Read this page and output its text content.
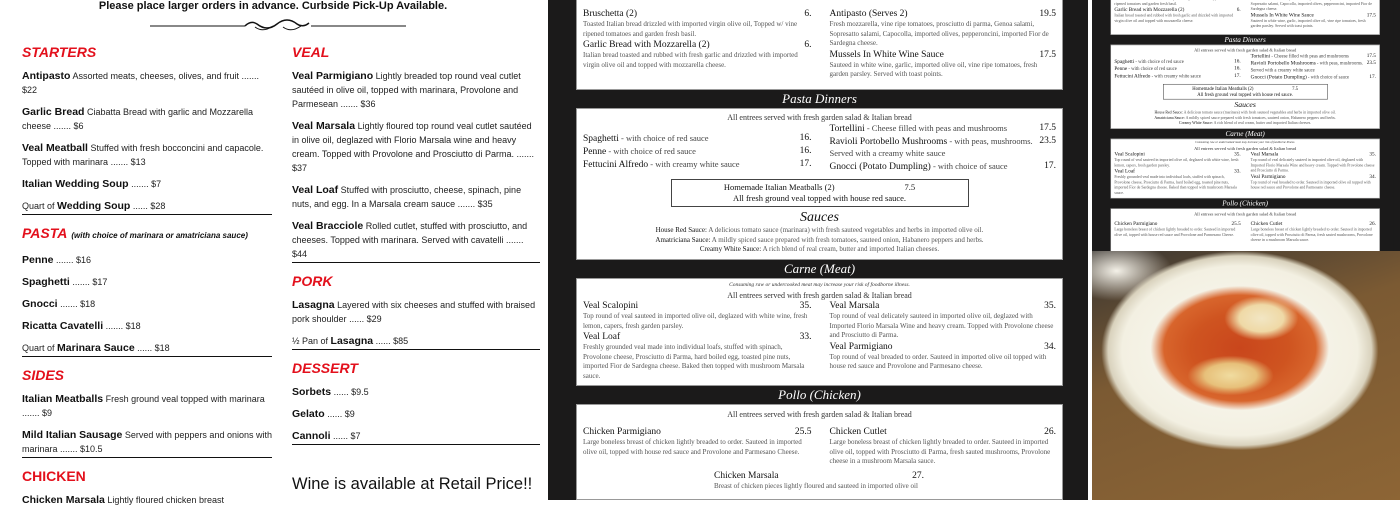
Please place larger orders in advance. Curbside Pick-Up Available.
STARTERS
Antipasto Assorted meats, cheeses, olives, and fruit ....... $22
Garlic Bread Ciabatta Bread with garlic and Mozzarella cheese ....... $6
Veal Meatball Stuffed with fresh bocconcini and capacole. Topped with marinara ....... $13
Italian Wedding Soup ....... $7
Quart of Wedding Soup ...... $28
PASTA (with choice of marinara or amatriciana sauce)
Penne ....... $16
Spaghetti ....... $17
Gnocci ....... $18
Ricatta Cavatelli ....... $18
Quart of Marinara Sauce ...... $18
SIDES
Italian Meatballs Fresh ground veal topped with marinara ....... $9
Mild Italian Sausage Served with peppers and onions with marinara ....... $10.5
CHICKEN
Chicken Marsala Lightly floured chicken breast
VEAL
Veal Parmigiano Lightly breaded top round veal cutlet sautéed in olive oil, topped with marinara, Provolone and Parmesean ....... $36
Veal Marsala Lightly floured top round veal cutlet sautéed in olive oil, deglazed with Florio Marsala wine and heavy cream. Topped with Provolone and Prosciutto di Parma. ....... $37
Veal Loaf Stuffed with prosciutto, cheese, spinach, pine nuts, and egg. In a Marsala cream sauce ....... $35
Veal Bracciole Rolled cutlet, stuffed with prosciutto, and cheeses. Topped with marinara. Served with cavatelli ....... $44
PORK
Lasagna Layered with six cheeses and stuffed with braised pork shoulder ...... $29
½ Pan of Lasagna ...... $85
DESSERT
Sorbets ...... $9.5
Gelato ...... $9
Cannoli ...... $7
Wine is available at Retail Price!!
Bruschetta (2)	6.
Toasted Italian bread drizzled with imported virgin olive oil, Topped w/ vine ripened tomatoes and garden fresh basil.
Garlic Bread with Mozzarella (2)	6.
Italian bread toasted and rubbed with fresh garlic and drizzled with imported virgin olive oil and topped with mozzarella cheese.
Antipasto (Serves 2)	19.5
Fresh mozzarella, vine ripe tomatoes, prosciutto di parma, Genoa salami, Sopresatto salami, Capocolla, imported olives, pepperoncini, imported Fior de Sardegna cheese.
Mussels In White Wine Sauce	17.5
Sauteed in white wine, garlic, imported olive oil, vine ripe tomatoes, fresh garden parsley. Served with toast points.
Pasta Dinners
All entrees served with fresh garden salad & Italian bread
Spaghetti - with choice of red sauce	16.
Penne - with choice of red sauce	16.
Fettucini Alfredo - with creamy white sauce	17.
Tortellini - Cheese filled with peas and mushrooms	17.5
Ravioli Portobello Mushrooms - with peas, mushrooms. Served with a creamy white sauce
23.5
Gnocci (Potato Dumpling) - with choice of sauce	17.
Homemade Italian Meatballs (2)	7.5
All fresh ground veal topped with house red sauce.
Sauces
House Red Sauce: A delicious tomato sauce (marinara) with fresh sauteed vegetables and herbs in imported olive oil.
Amatriciana Sauce: A mildly spiced sauce prepared with fresh tomatoes, sauteed onion, Habanero peppers and herbs.
Creamy White Sauce: A rich blend of real cream, butter and imported Italian cheeses.
Carne (Meat)
Consuming raw or undercooked meat may increase your risk of foodborne illness.
All entrees served with fresh garden salad & Italian bread
Veal Scalopini	35.
Top round of veal sauteed in imported olive oil, deglazed with white wine, fresh lemon, capers, fresh garden parsley.
Veal Loaf	33.
Freshly grounded veal made into individual loafs, stuffed with spinach, Provolone cheese, Prosciutto di Parma, hard boiled egg, toasted pine nuts, imported Fior de Sardegna cheese. Baked then topped with mushroom Marsala sauce.
Veal Marsala	35.
Top round of veal delicately sauteed in imported olive oil, deglazed with Imported Florio Marsala Wine and heavy cream. Topped with Provolone cheese and Prosciutto di Parma.
Veal Parmigiano	34.
Top round of veal breaded to order. Sauteed in imported olive oil topped with house red sauce and Provolone and Parmesano cheese.
Pollo (Chicken)
All entrees served with fresh garden salad & Italian bread
Chicken Parmigiano	25.5
Large boneless breast of chicken lightly breaded to order. Sauteed in imported olive oil, topped with house red sauce and Provolone and Parmesano Cheese.
Chicken Cutlet	26.
Large boneless breast of chicken lightly breaded to order. Sauteed in imported olive oil, topped with Prosciutto di Parma, fresh sauted mushrooms, Provolone cheese in a mushroom Marsala sauce.
Chicken Marsala	27.
Breast of chicken pieces lightly floured and sauteed in imported olive oil
ripened tomatoes and garden fresh basil.
Garlic Bread with Mozzarella (2)	6.
Italian bread toasted and rubbed with fresh garlic and drizzled with imported virgin olive oil and topped with mozzarella cheese.
Sopresatto salami, Capocolla, imported olives, pepperoncini, imported Fior de Sardegna cheese.
Mussels In White Wine Sauce	17.5
Sauteed in white wine, garlic, imported olive oil, vine ripe tomatoes, fresh garden parsley. Served with toast points.
Pasta Dinners
All entrees served with fresh garden salad & Italian bread
Spaghetti - with choice of red sauce	16.
Penne - with choice of red sauce	16.
Fettucini Alfredo - with creamy white sauce	17.
Tortellini - Cheese filled with peas and mushrooms	17.5
Ravioli Portobello Mushrooms - with peas, mushrooms. Served with a creamy white sauce
23.5
Gnocci (Potato Dumpling) - with choice of sauce	17.
Homemade Italian Meatballs (2)	7.5
All fresh ground veal topped with house red sauce.
Sauces
House Red Sauce: A delicious tomato sauce (marinara) with fresh sauteed vegetables and herbs in imported olive oil.
Amatriciana Sauce: A mildly spiced sauce prepared with fresh tomatoes, sauteed onion, Habanero peppers and herbs.
Creamy White Sauce: A rich blend of real cream, butter and imported Italian cheeses.
Carne (Meat)
Consuming raw or undercooked meat may increase your risk of foodborne illness.
All entrees served with fresh garden salad & Italian bread
Veal Scalopini	35.
Top round of veal sauteed in imported olive oil, deglazed with white wine, fresh lemon, capers, fresh garden parsley.
Veal Loaf	33.
Freshly grounded veal made into individual loafs, stuffed with spinach, Provolone cheese, Prosciutto di Parma, hard boiled egg, toasted pine nuts, imported Fior de Sardegna cheese. Baked then topped with mushroom Marsala sauce.
Veal Marsala	35.
Top round of veal delicately sauteed in imported olive oil, deglazed with Imported Florio Marsala Wine and heavy cream. Topped with Provolone cheese and Prosciutto di Parma.
Veal Parmigiano	34.
Top round of veal breaded to order. Sauteed in imported olive oil topped with house red sauce and Provolone and Parmesano cheese.
Pollo (Chicken)
All entrees served with fresh garden salad & Italian bread
Chicken Parmigiano	25.5
Large boneless breast of chicken lightly breaded to order. Sauteed in imported olive oil, topped with house red sauce and Provolone and Parmesano Cheese.
Chicken Cutlet	26.
Large boneless breast of chicken lightly breaded to order. Sauteed in imported olive oil, topped with Prosciutto di Parma, fresh sauted mushrooms, Provolone cheese in a mushroom Marsala sauce.
